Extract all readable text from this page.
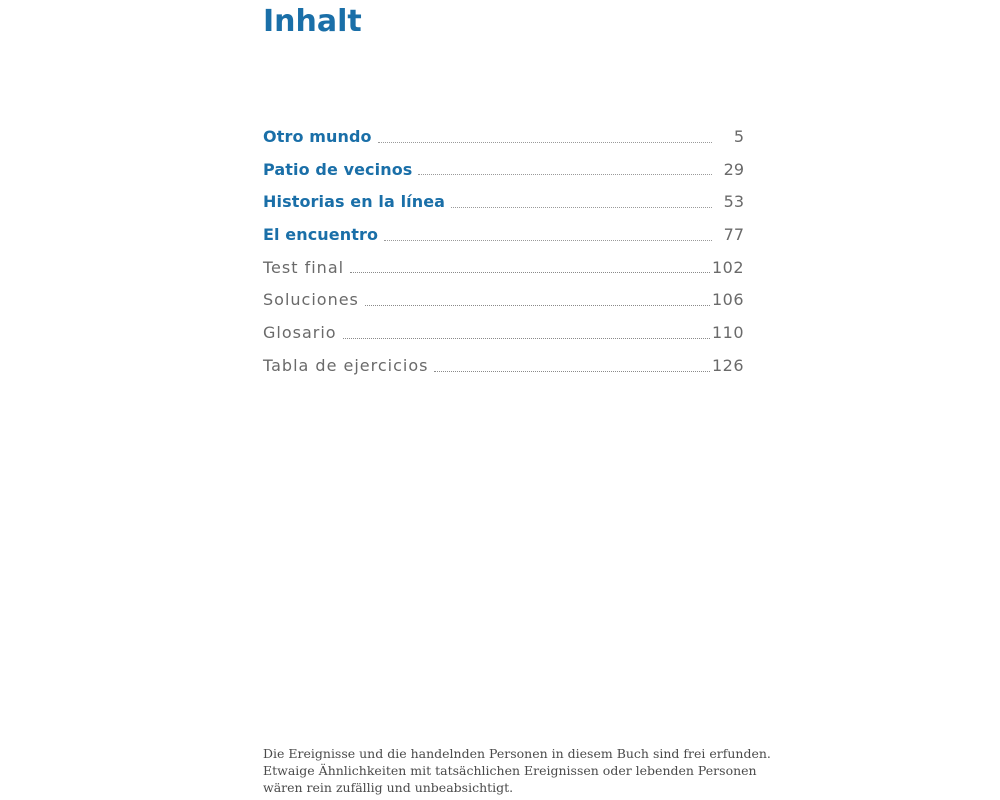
Inhalt
Otro mundo	5
Patio de vecinos	29
Historias en la línea	53
El encuentro	77
Test final	102
Soluciones	106
Glosario	110
Tabla de ejercicios	126

Die Ereignisse und die handelnden Personen in diesem Buch sind frei erfunden.

Etwaige Ähnlichkeiten mit tatsächlichen Ereignissen oder lebenden Personen

wären rein zufällig und unbeabsichtigt.
